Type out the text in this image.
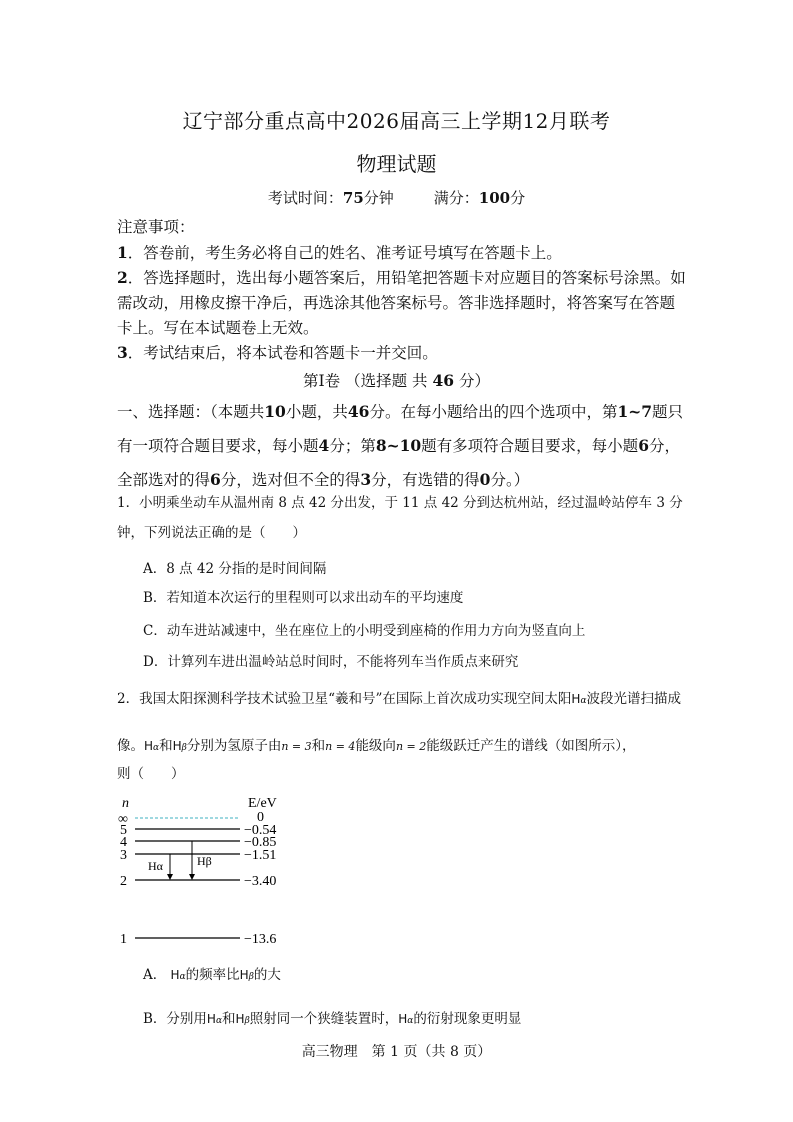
辽宁部分重点高中2026届高三上学期12月联考
物理试题
考试时间：75分钟	满分：100分
注意事项：
1．答卷前，考生务必将自己的姓名、准考证号填写在答题卡上。
2．答选择题时，选出每小题答案后，用铅笔把答题卡对应题目的答案标号涂黑。如需改动，用橡皮擦干净后，再选涂其他答案标号。答非选择题时，将答案写在答题卡上。写在本试题卷上无效。
3．考试结束后，将本试卷和答题卡一并交回。
第Ⅰ卷 （选择题 共 46 分）
一、选择题：（本题共10小题，共46分。在每小题给出的四个选项中，第1~7题只有一项符合题目要求，每小题4分；第8~10题有多项符合题目要求，每小题6分，全部选对的得6分，选对但不全的得3分，有选错的得0分。）
1．小明乘坐动车从温州南 8 点 42 分出发，于 11 点 42 分到达杭州站，经过温岭站停车 3 分钟，下列说法正确的是（　　）
A．8 点 42 分指的是时间间隔
B．若知道本次运行的里程则可以求出动车的平均速度
C．动车进站减速中，坐在座位上的小明受到座椅的作用力方向为竖直向上
D．计算列车进出温岭站总时间时，不能将列车当作质点来研究
2．我国太阳探测科学技术试验卫星“羲和号”在国际上首次成功实现空间太阳Hα波段光谱扫描成像。Hα和Hβ分别为氢原子由n = 3和n = 4能级向n = 2能级跃迁产生的谱线（如图所示），
则（　　）
n	E/eV
∞	0
5	−0.54
4	−0.85
3	−1.51
2	−3.40
1	−13.6
Hα	Hβ
A． Hα的频率比Hβ的大
B．分别用Hα和Hβ照射同一个狭缝装置时，Hα的衍射现象更明显
高三物理　第 1 页（共 8 页）
